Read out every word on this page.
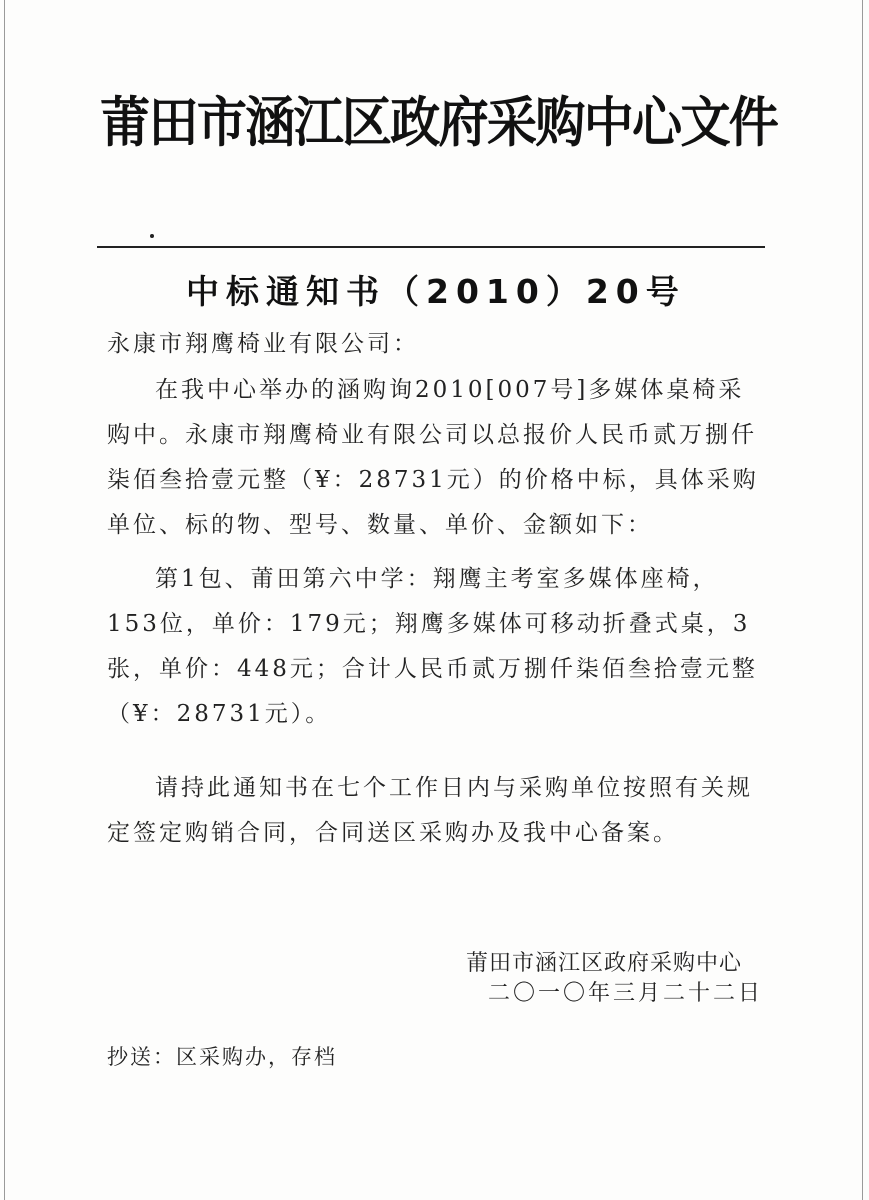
莆田市涵江区政府采购中心文件
中标通知书（2010）20号
永康市翔鹰椅业有限公司：
在我中心举办的涵购询2010[007号]多媒体桌椅采购中。永康市翔鹰椅业有限公司以总报价人民币贰万捌仟柒佰叁拾壹元整（¥：28731元）的价格中标，具体采购单位、标的物、型号、数量、单价、金额如下：
第1包、莆田第六中学：翔鹰主考室多媒体座椅，153位，单价：179元；翔鹰多媒体可移动折叠式桌，3张，单价：448元；合计人民币贰万捌仟柒佰叁拾壹元整（¥：28731元）。
请持此通知书在七个工作日内与采购单位按照有关规定签定购销合同，合同送区采购办及我中心备案。
莆田市涵江区政府采购中心
二〇一〇年三月二十二日
抄送：区采购办，存档
